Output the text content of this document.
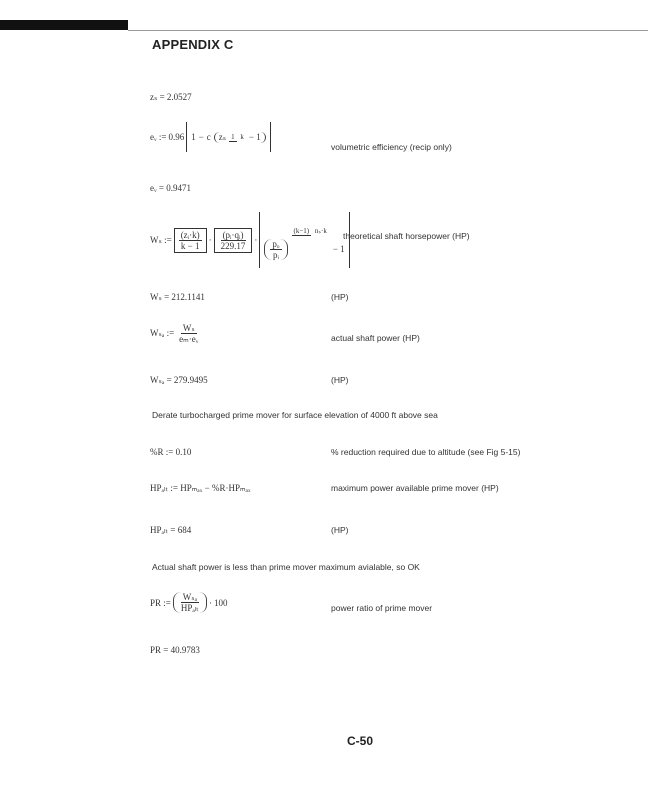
APPENDIX C
zₛ = 2.0527
eᵥ := 0.96 1 − c zₛ 1 k − 1
volumetric efficiency (recip only)
eᵥ = 0.9471
Wₛ := $\frac{\text{(zᵢ·k)}}{k - 1} \cdot \frac{\text{(pᵢ·qᵢ)}}{229.17} \cdot \frac{\text{pₒ}}{\text{pᵢ}}$
(k−1) nₛ·k
− 1
theoretical shaft horsepower (HP)
Wₛ = 212.1141	(HP)
Wₛₐ := $\frac{\text{Wₛ}}{\text{eₘ·eᵥ}}$	actual shaft power (HP)
Wₛₐ = 279.9495	(HP)
Derate turbocharged prime mover for surface elevation of 4000 ft above sea
%R := 0.10	% reduction required due to altitude (see Fig 5-15)
HPₐₗₜ := HPₘₐₓ − %R·HPₘₐₓ	maximum power available prime mover (HP)
HPₐₗₜ = 684	(HP)
Actual shaft power is less than prime mover maximum avialable, so OK
PR := $\frac{\text{Wₛₐ}}{\text{HPₐₗₜ}} \cdot 100$
power ratio of prime mover
PR = 40.9783
C-50
